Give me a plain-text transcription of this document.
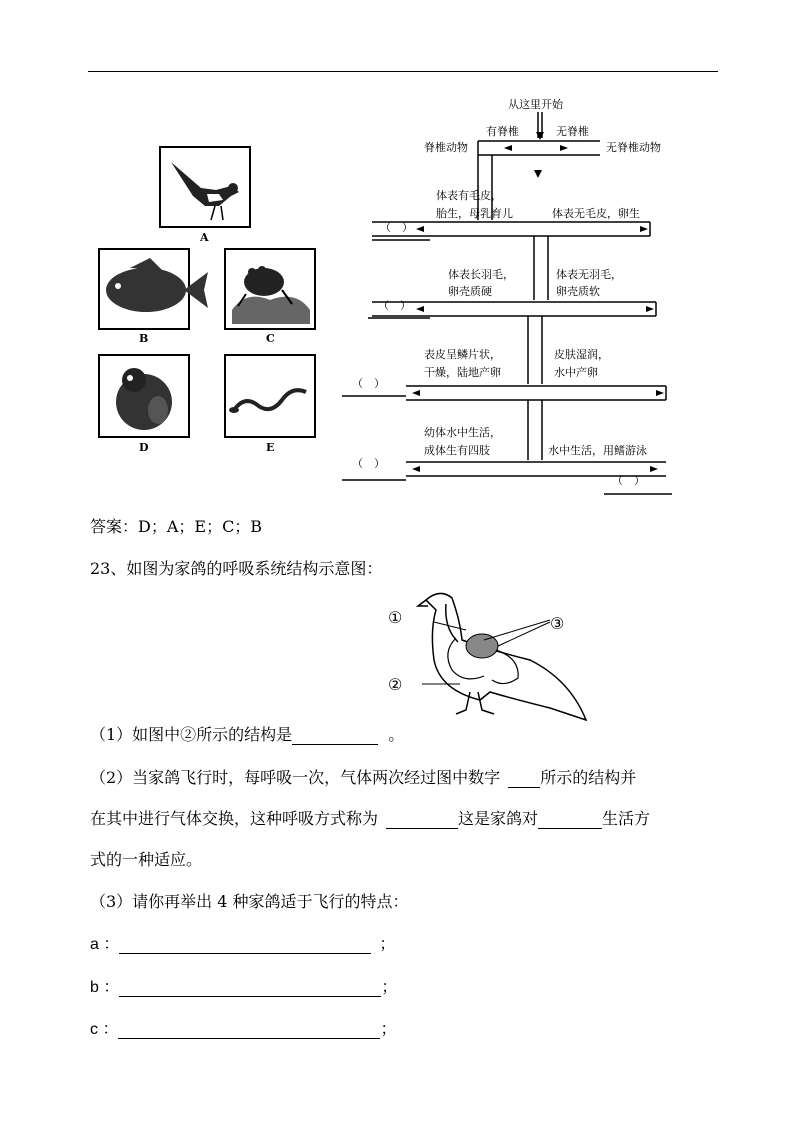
A
B	C
D	E
从这里开始
有脊椎	无脊椎
脊椎动物	无脊椎动物
体表有毛皮，
胎生，母乳育儿	体表无毛皮，卵生
（　）
体表长羽毛，
卵壳质硬
体表无羽毛，
卵壳质软
（　）
表皮呈鳞片状，
干燥，陆地产卵
皮肤湿润，
水中产卵
（　）
幼体水中生活，
成体生有四肢	水中生活，用鳍游泳
（　）
（　）
答案：D；A；E；C；B
23、如图为家鸽的呼吸系统结构示意图：
①
②
③
（1）如图中②所示的结构是	。
（2）当家鸽飞行时，每呼吸一次，气体两次经过图中数字	所示的结构并
在其中进行气体交换，这种呼吸方式称为	这是家鸽对	生活方
式的一种适应。
（3）请你再举出 4 种家鸽适于飞行的特点：
a ：	；
b ：	；
c ：	；
